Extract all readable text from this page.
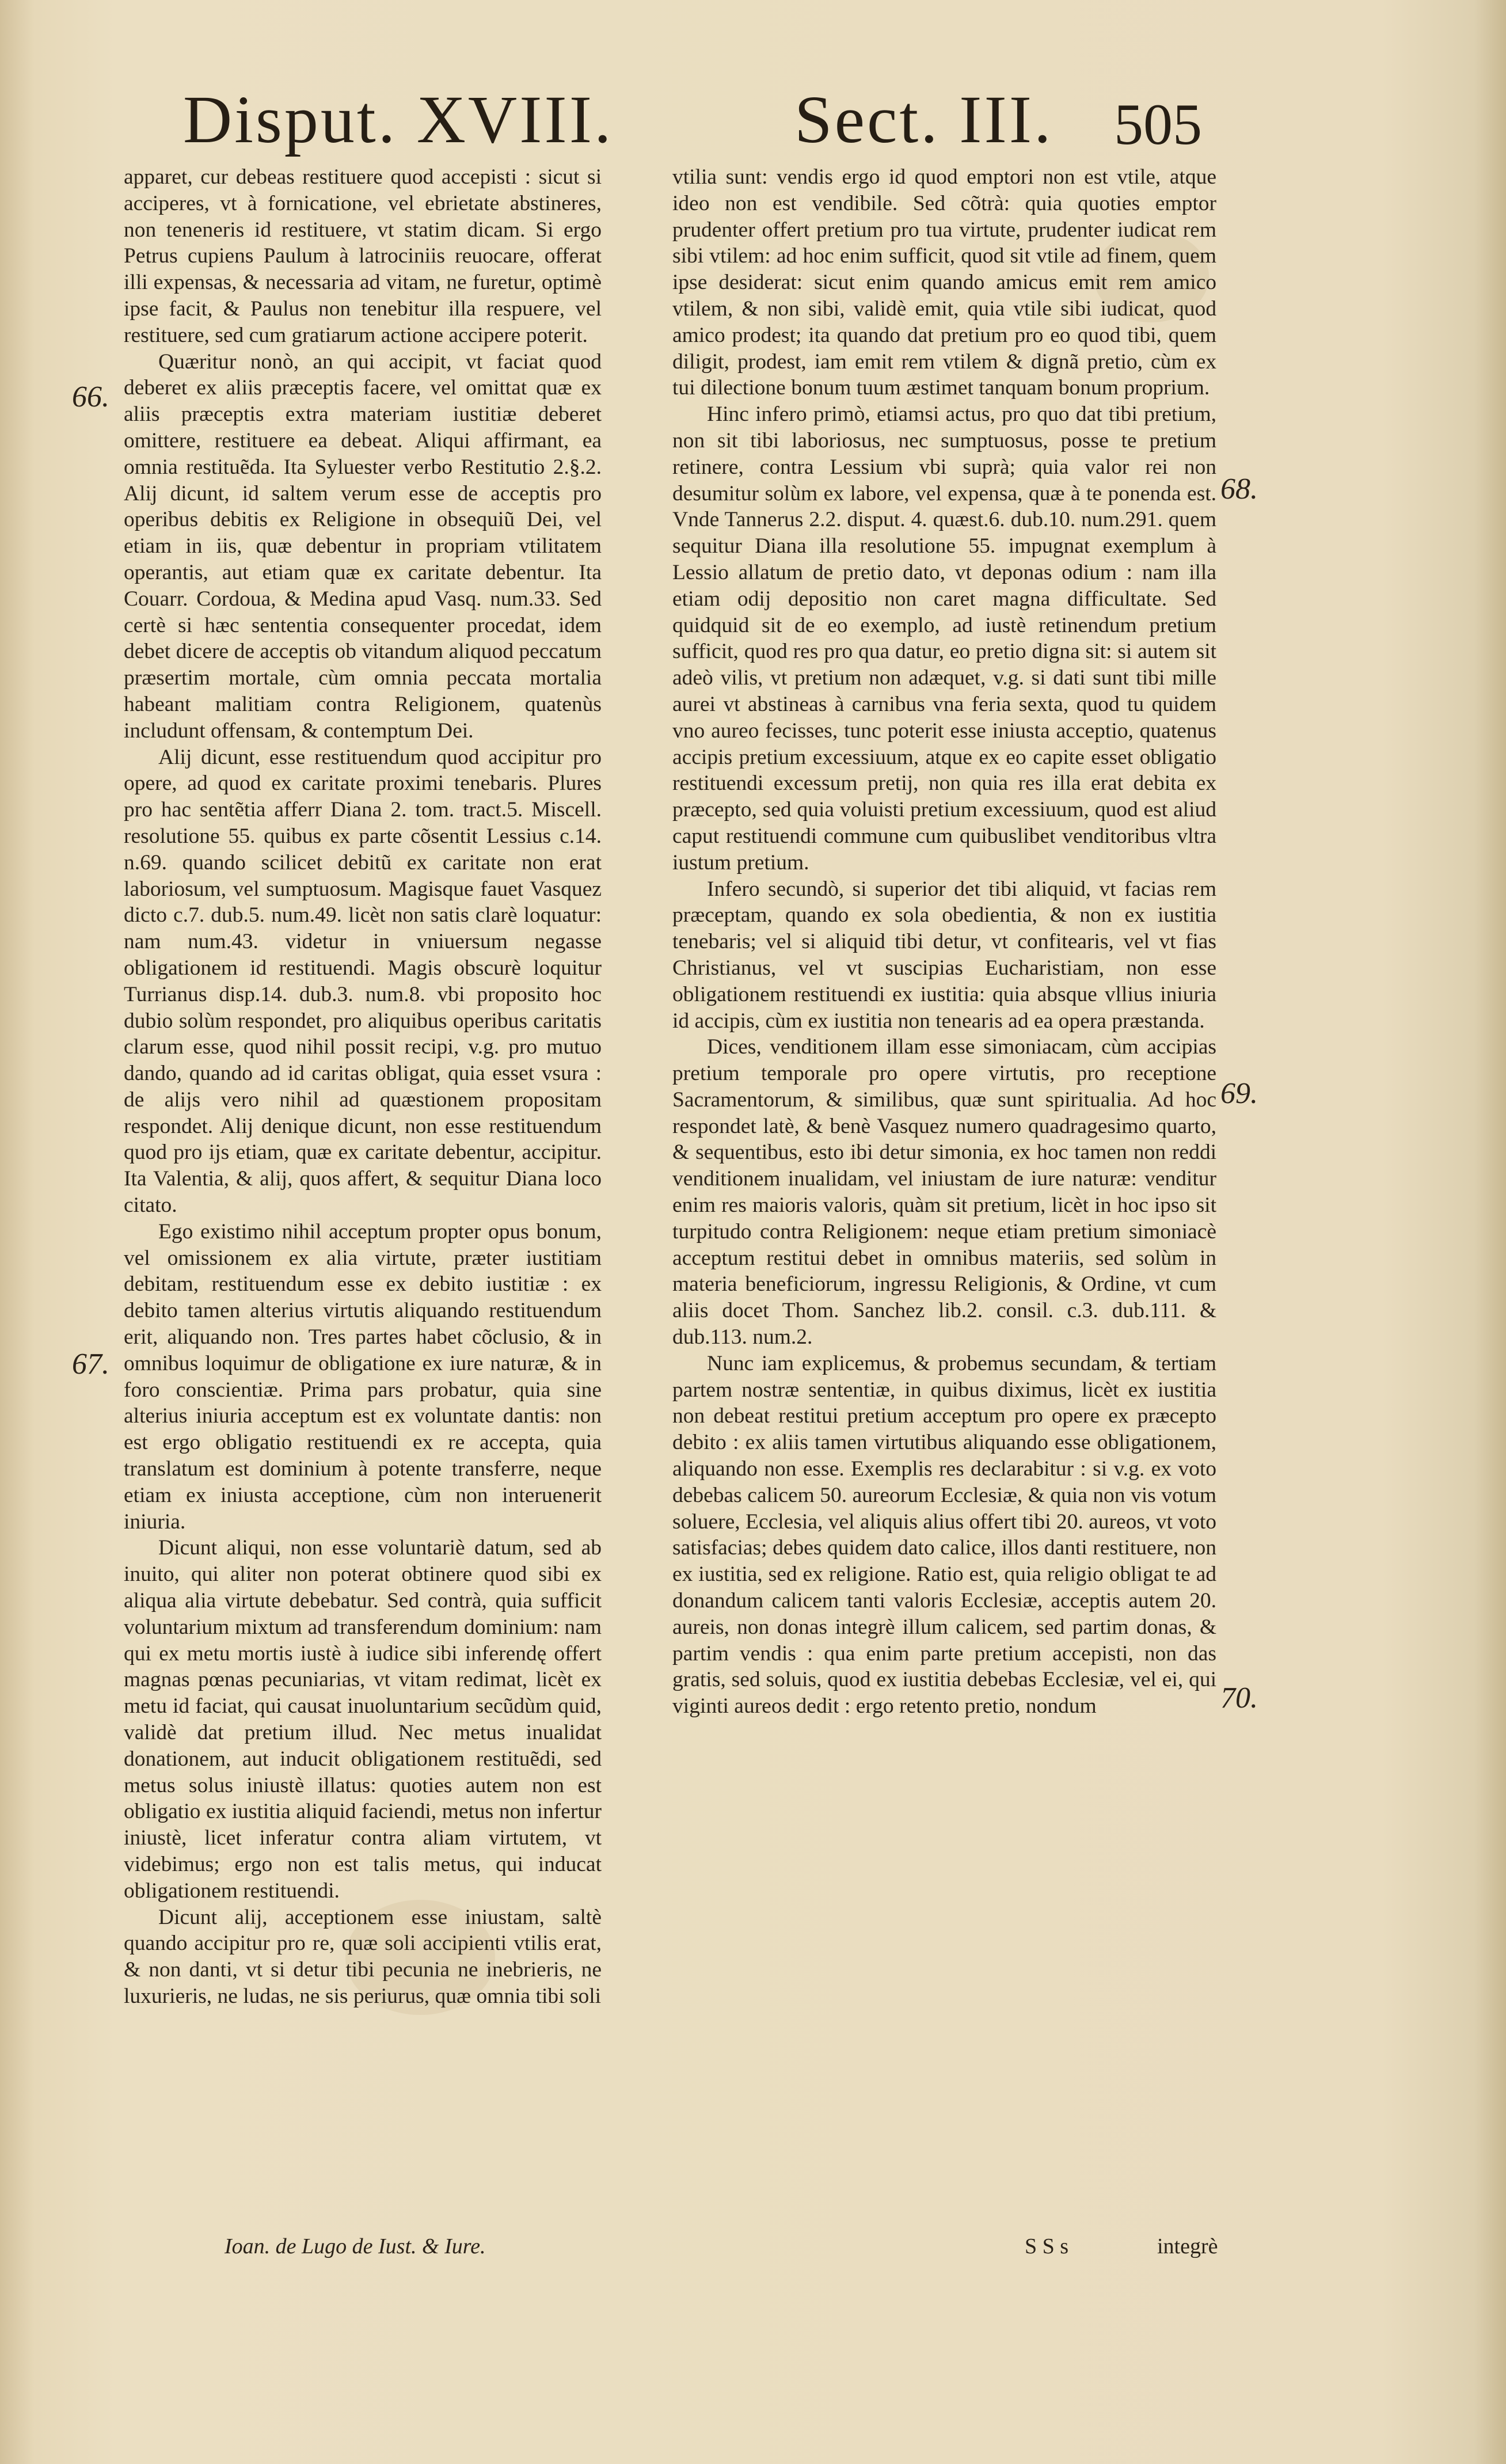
Disput. XVIII.	Sect. III. 505

apparet, cur debeas restituere quod accepisti : sicut si acciperes, vt à fornicatione, vel ebrietate abstineres, non teneneris id restituere, vt statim dicam. Si ergo Petrus cupiens Paulum à latrociniis reuocare, offerat illi expensas, & necessaria ad vitam, ne furetur, optimè ipse facit, & Paulus non tenebitur illa respuere, vel restituere, sed cum gratiarum actione accipere poterit.

Quæritur nonò, an qui accipit, vt faciat quod deberet ex aliis præceptis facere, vel omittat quæ ex aliis præceptis extra materiam iustitiæ deberet omittere, restituere ea debeat. Aliqui affirmant, ea omnia restituẽda. Ita Syluester verbo Restitutio 2.§.2. Alij dicunt, id saltem verum esse de acceptis pro operibus debitis ex Religione in obsequiũ Dei, vel etiam in iis, quæ debentur in propriam vtilitatem operantis, aut etiam quæ ex caritate debentur. Ita Couarr. Cordoua, & Medina apud Vasq. num.33. Sed certè si hæc sententia consequenter procedat, idem debet dicere de acceptis ob vitandum aliquod peccatum præsertim mortale, cùm omnia peccata mortalia habeant malitiam contra Religionem, quatenùs includunt offensam, & contemptum Dei.

Alij dicunt, esse restituendum quod accipitur pro opere, ad quod ex caritate proximi tenebaris. Plures pro hac sentẽtia afferr Diana 2. tom. tract.5. Miscell. resolutione 55. quibus ex parte cõsentit Lessius c.14. n.69. quando scilicet debitũ ex caritate non erat laboriosum, vel sumptuosum. Magisque fauet Vasquez dicto c.7. dub.5. num.49. licèt non satis clarè loquatur: nam num.43. videtur in vniuersum negasse obligationem id restituendi. Magis obscurè loquitur Turrianus disp.14. dub.3. num.8. vbi proposito hoc dubio solùm respondet, pro aliquibus operibus caritatis clarum esse, quod nihil possit recipi, v.g. pro mutuo dando, quando ad id caritas obligat, quia esset vsura : de alijs vero nihil ad quæstionem propositam respondet. Alij denique dicunt, non esse restituendum quod pro ijs etiam, quæ ex caritate debentur, accipitur. Ita Valentia, & alij, quos affert, & sequitur Diana loco citato.

Ego existimo nihil acceptum propter opus bonum, vel omissionem ex alia virtute, præter iustitiam debitam, restituendum esse ex debito iustitiæ : ex debito tamen alterius virtutis aliquando restituendum erit, aliquando non. Tres partes habet cõclusio, & in omnibus loquimur de obligatione ex iure naturæ, & in foro conscientiæ. Prima pars probatur, quia sine alterius iniuria acceptum est ex voluntate dantis: non est ergo obligatio restituendi ex re accepta, quia translatum est dominium à potente transferre, neque etiam ex iniusta acceptione, cùm non interuenerit iniuria.

Dicunt aliqui, non esse voluntariè datum, sed ab inuito, qui aliter non poterat obtinere quod sibi ex aliqua alia virtute debebatur. Sed contrà, quia sufficit voluntarium mixtum ad transferendum dominium: nam qui ex metu mortis iustè à iudice sibi inferendę offert magnas pœnas pecuniarias, vt vitam redimat, licèt ex metu id faciat, qui causat inuoluntarium secũdùm quid, validè dat pretium illud. Nec metus inualidat donationem, aut inducit obligationem restituẽdi, sed metus solus iniustè illatus: quoties autem non est obligatio ex iustitia aliquid faciendi, metus non infertur iniustè, licet inferatur contra aliam virtutem, vt videbimus; ergo non est talis metus, qui inducat obligationem restituendi.

Dicunt alij, acceptionem esse iniustam, saltè quando accipitur pro re, quæ soli accipienti vtilis erat, & non danti, vt si detur tibi pecunia ne inebrieris, ne luxurieris, ne ludas, ne sis periurus, quæ omnia tibi soli

vtilia sunt: vendis ergo id quod emptori non est vtile, atque ideo non est vendibile. Sed cõtrà: quia quoties emptor prudenter offert pretium pro tua virtute, prudenter iudicat rem sibi vtilem: ad hoc enim sufficit, quod sit vtile ad finem, quem ipse desiderat: sicut enim quando amicus emit rem amico vtilem, & non sibi, validè emit, quia vtile sibi iudicat, quod amico prodest; ita quando dat pretium pro eo quod tibi, quem diligit, prodest, iam emit rem vtilem & dignã pretio, cùm ex tui dilectione bonum tuum æstimet tanquam bonum proprium.

Hinc infero primò, etiamsi actus, pro quo dat tibi pretium, non sit tibi laboriosus, nec sumptuosus, posse te pretium retinere, contra Lessium vbi suprà; quia valor rei non desumitur solùm ex labore, vel expensa, quæ à te ponenda est. Vnde Tannerus 2.2. disput. 4. quæst.6. dub.10. num.291. quem sequitur Diana illa resolutione 55. impugnat exemplum à Lessio allatum de pretio dato, vt deponas odium : nam illa etiam odij depositio non caret magna difficultate. Sed quidquid sit de eo exemplo, ad iustè retinendum pretium sufficit, quod res pro qua datur, eo pretio digna sit: si autem sit adeò vilis, vt pretium non adæquet, v.g. si dati sunt tibi mille aurei vt abstineas à carnibus vna feria sexta, quod tu quidem vno aureo fecisses, tunc poterit esse iniusta acceptio, quatenus accipis pretium excessiuum, atque ex eo capite esset obligatio restituendi excessum pretij, non quia res illa erat debita ex præcepto, sed quia voluisti pretium excessiuum, quod est aliud caput restituendi commune cum quibuslibet venditoribus vltra iustum pretium.

Infero secundò, si superior det tibi aliquid, vt facias rem præceptam, quando ex sola obedientia, & non ex iustitia tenebaris; vel si aliquid tibi detur, vt confitearis, vel vt fias Christianus, vel vt suscipias Eucharistiam, non esse obligationem restituendi ex iustitia: quia absque vllius iniuria id accipis, cùm ex iustitia non tenearis ad ea opera præstanda.

Dices, venditionem illam esse simoniacam, cùm accipias pretium temporale pro opere virtutis, pro receptione Sacramentorum, & similibus, quæ sunt spiritualia. Ad hoc respondet latè, & benè Vasquez numero quadragesimo quarto, & sequentibus, esto ibi detur simonia, ex hoc tamen non reddi venditionem inualidam, vel iniustam de iure naturæ: venditur enim res maioris valoris, quàm sit pretium, licèt in hoc ipso sit turpitudo contra Religionem: neque etiam pretium simoniacè acceptum restitui debet in omnibus materiis, sed solùm in materia beneficiorum, ingressu Religionis, & Ordine, vt cum aliis docet Thom. Sanchez lib.2. consil. c.3. dub.111. & dub.113. num.2.

Nunc iam explicemus, & probemus secundam, & tertiam partem nostræ sententiæ, in quibus diximus, licèt ex iustitia non debeat restitui pretium acceptum pro opere ex præcepto debito : ex aliis tamen virtutibus aliquando esse obligationem, aliquando non esse. Exemplis res declarabitur : si v.g. ex voto debebas calicem 50. aureorum Ecclesiæ, & quia non vis votum soluere, Ecclesia, vel aliquis alius offert tibi 20. aureos, vt voto satisfacias; debes quidem dato calice, illos danti restituere, non ex iustitia, sed ex religione. Ratio est, quia religio obligat te ad donandum calicem tanti valoris Ecclesiæ, acceptis autem 20. aureis, non donas integrè illum calicem, sed partim donas, & partim vendis : qua enim parte pretium accepisti, non das gratis, sed soluis, quod ex iustitia debebas Ecclesiæ, vel ei, qui viginti aureos dedit : ergo retento pretio, nondum

66.
67.
68.
69.
70.
Ioan. de Lugo de Iust. & Iure.	S S s	integrè
